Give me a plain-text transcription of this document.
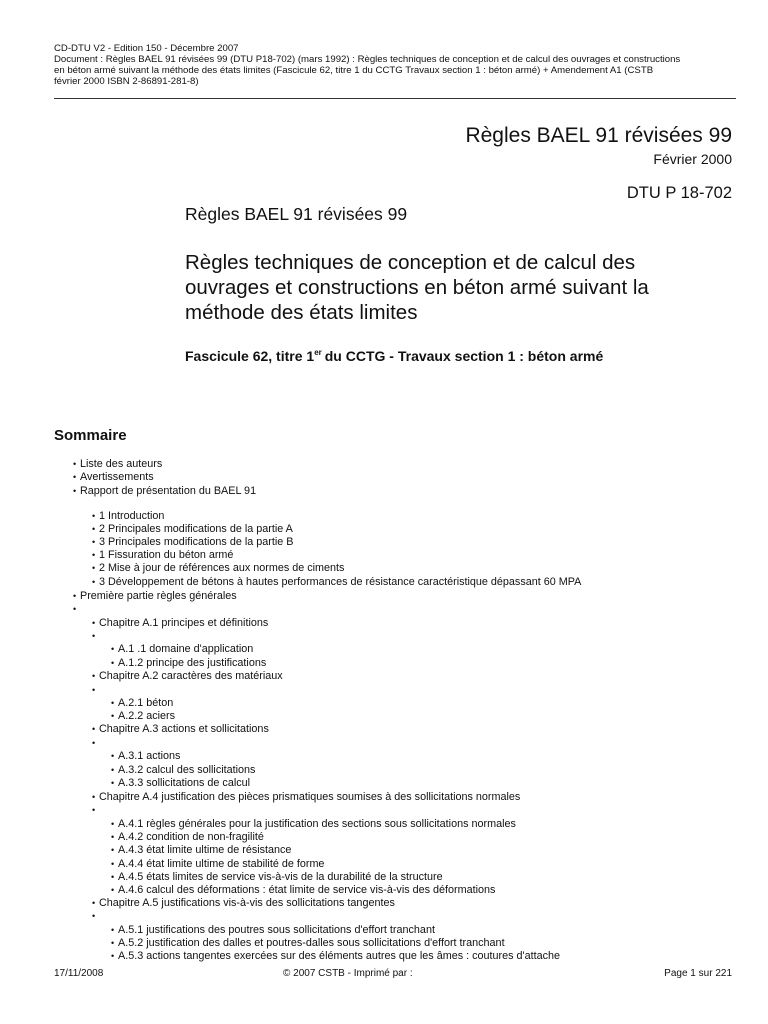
CD-DTU V2 - Edition 150 - Décembre 2007
Document : Règles BAEL 91 révisées 99 (DTU P18-702) (mars 1992) : Règles techniques de conception et de calcul des ouvrages et constructions
en béton armé suivant la méthode des états limites (Fascicule 62, titre 1 du CCTG Travaux section 1 : béton armé) + Amendement A1 (CSTB
février 2000 ISBN 2-86891-281-8)
Règles BAEL 91 révisées 99
Février 2000
DTU P 18-702
Règles BAEL 91 révisées 99
Règles techniques de conception et de calcul des
ouvrages et constructions en béton armé suivant la
méthode des états limites
Fascicule 62, titre 1er du CCTG - Travaux section 1 : béton armé
Sommaire
• Liste des auteurs
• Avertissements
• Rapport de présentation du BAEL 91
• 1 Introduction
• 2 Principales modifications de la partie A
• 3 Principales modifications de la partie B
• 1 Fissuration du béton armé
• 2 Mise à jour de références aux normes de ciments
• 3 Développement de bétons à hautes performances de résistance caractéristique dépassant 60 MPA
• Première partie règles générales
•
• Chapitre A.1 principes et définitions
•
• A.1 .1 domaine d'application
• A.1.2 principe des justifications
• Chapitre A.2 caractères des matériaux
•
• A.2.1 béton
• A.2.2 aciers
• Chapitre A.3 actions et sollicitations
•
• A.3.1 actions
• A.3.2 calcul des sollicitations
• A.3.3 sollicitations de calcul
• Chapitre A.4 justification des pièces prismatiques soumises à des sollicitations normales
•
• A.4.1 règles générales pour la justification des sections sous sollicitations normales
• A.4.2 condition de non-fragilité
• A.4.3 état limite ultime de résistance
• A.4.4 état limite ultime de stabilité de forme
• A.4.5 états limites de service vis-à-vis de la durabilité de la structure
• A.4.6 calcul des déformations : état limite de service vis-à-vis des déformations
• Chapitre A.5 justifications vis-à-vis des sollicitations tangentes
•
• A.5.1 justifications des poutres sous sollicitations d'effort tranchant
• A.5.2 justification des dalles et poutres-dalles sous sollicitations d'effort tranchant
• A.5.3 actions tangentes exercées sur des éléments autres que les âmes : coutures d'attache
17/11/2008	© 2007 CSTB - Imprimé par :	Page 1 sur 221
